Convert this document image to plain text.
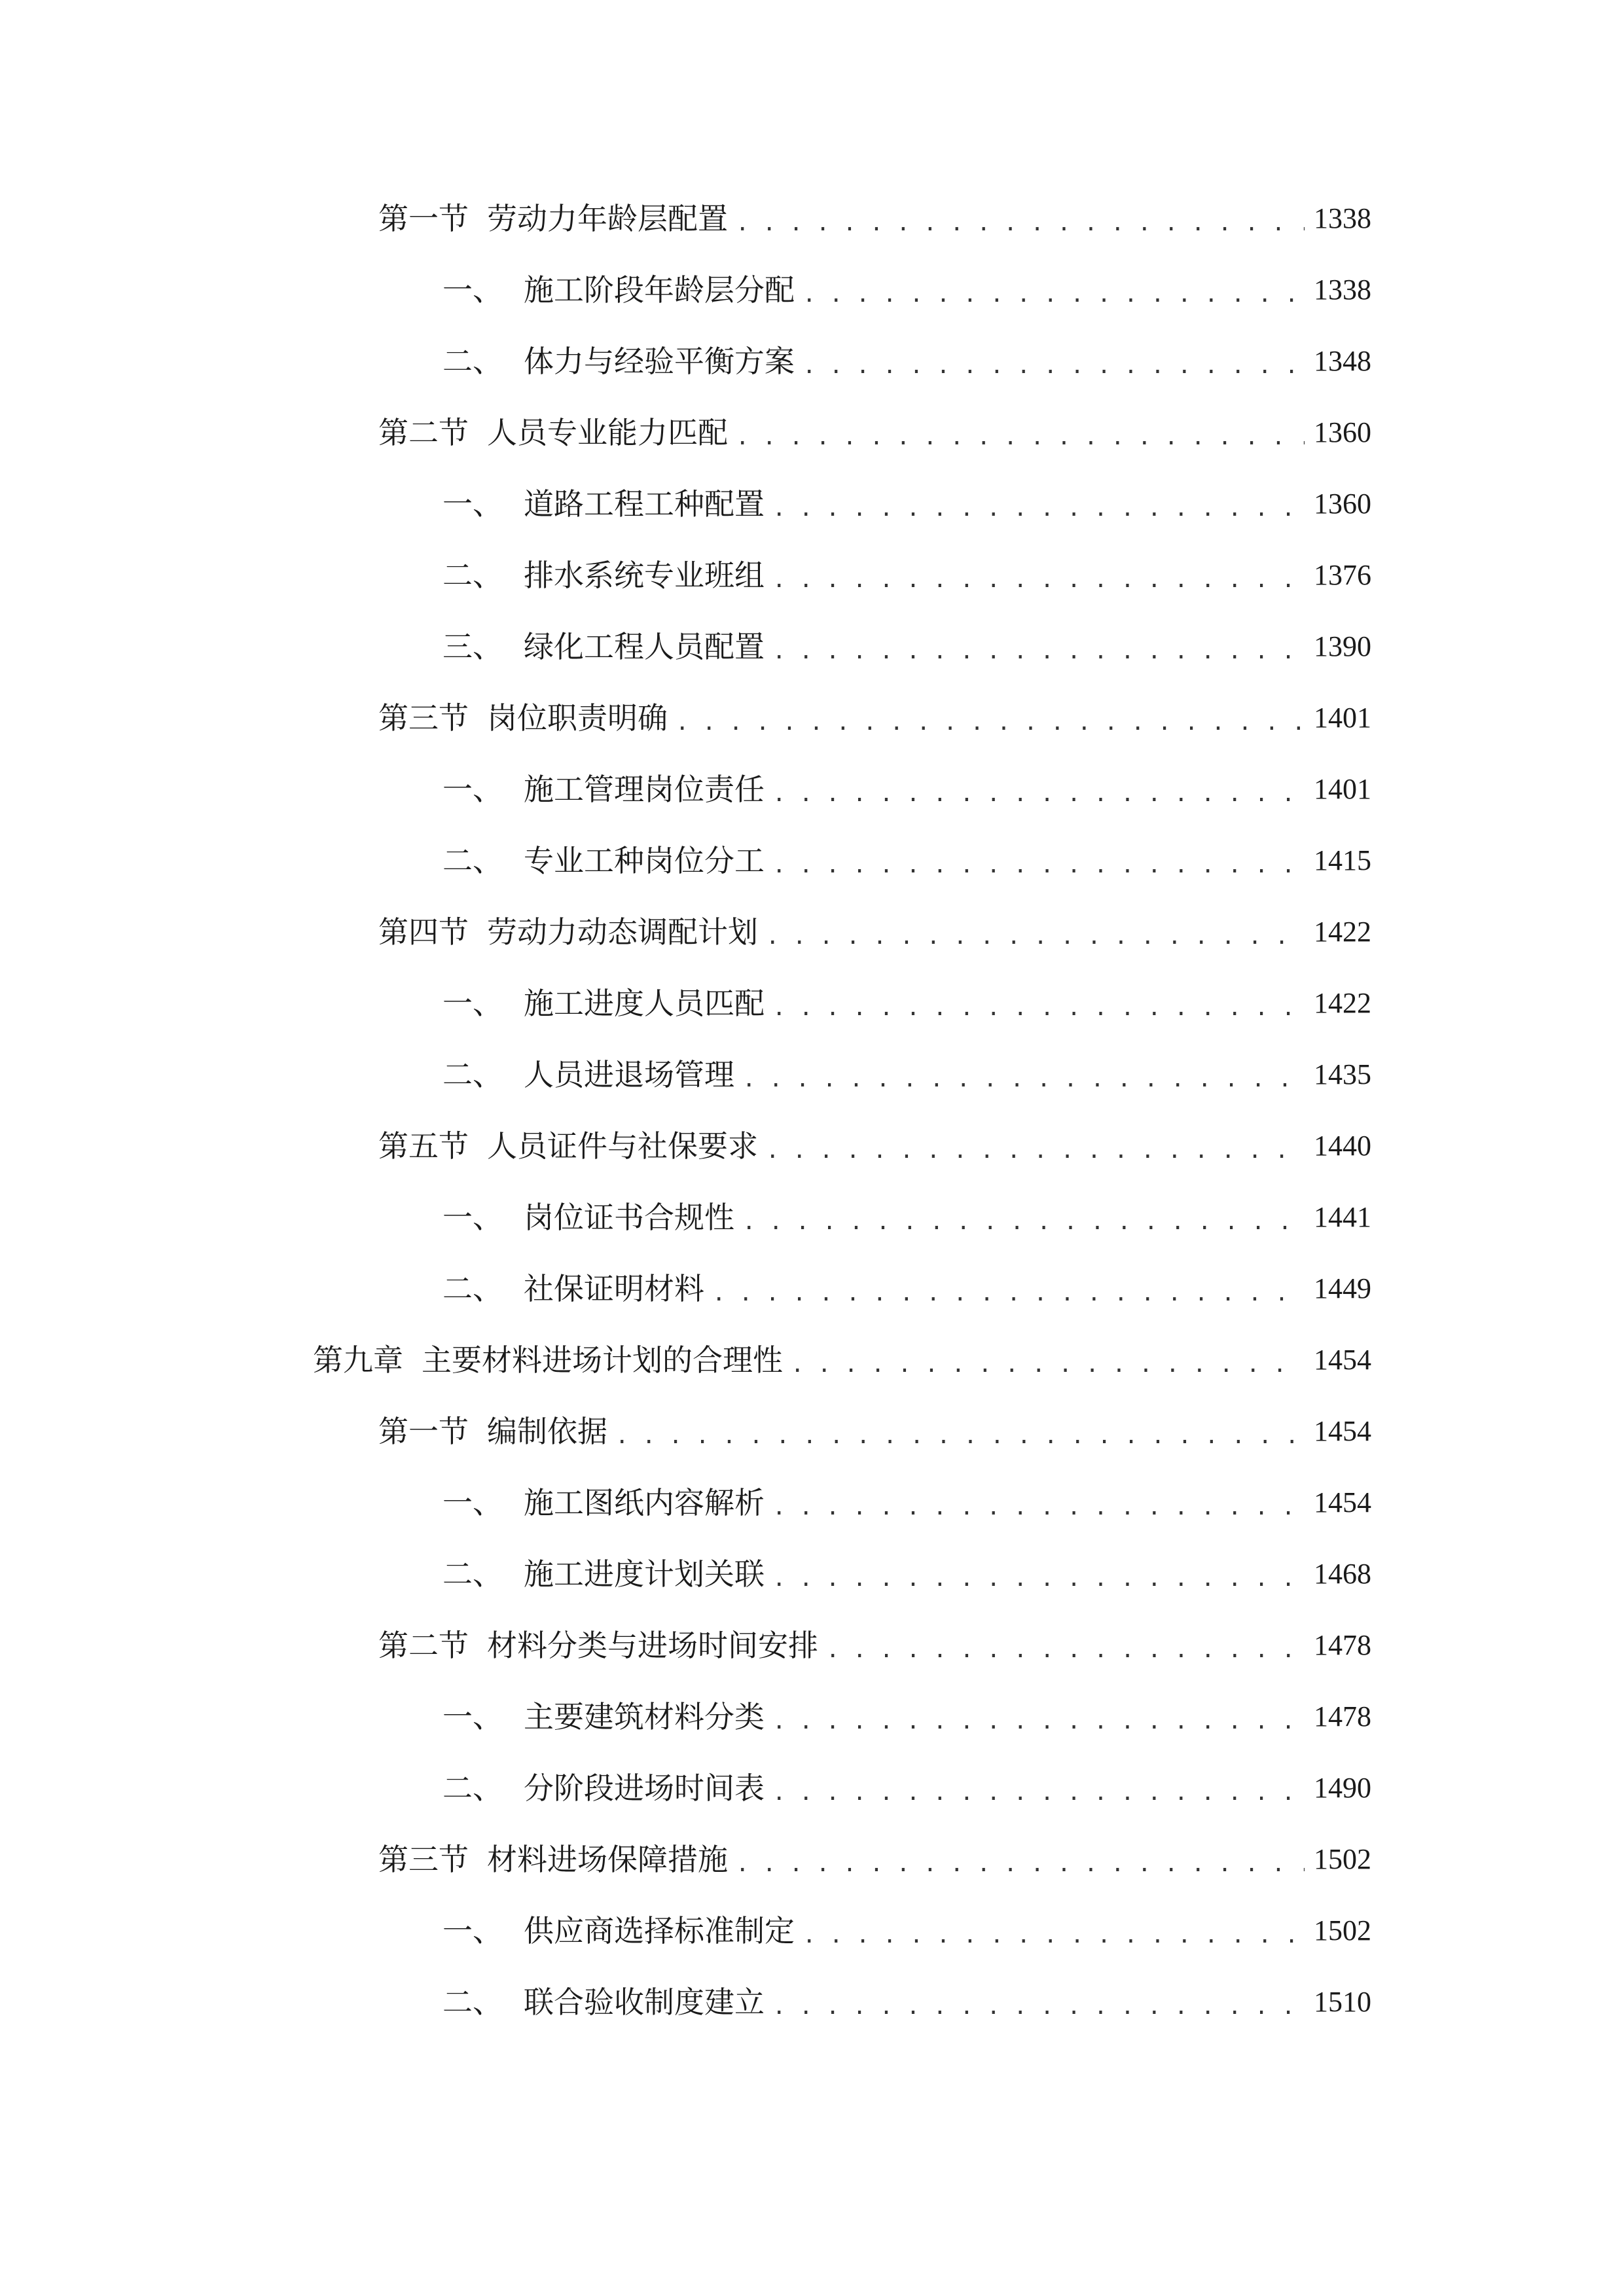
第一节 劳动力年龄层配置 . . .	1338
一、 施工阶段年龄层分配 . . .	1338
二、 体力与经验平衡方案 . . .	1348
第二节 人员专业能力匹配 . . .	1360
一、 道路工程工种配置 . . .	1360
二、 排水系统专业班组 . . .	1376
三、 绿化工程人员配置 . . .	1390
第三节 岗位职责明确 . . .	1401
一、 施工管理岗位责任 . . .	1401
二、 专业工种岗位分工 . . .	1415
第四节 劳动力动态调配计划 . . .	1422
一、 施工进度人员匹配 . . .	1422
二、 人员进退场管理 . . .	1435
第五节 人员证件与社保要求 . . .	1440
一、 岗位证书合规性 . . .	1441
二、 社保证明材料 . . .	1449
第九章 主要材料进场计划的合理性 . . .	1454
第一节 编制依据 . . .	1454
一、 施工图纸内容解析 . . .	1454
二、 施工进度计划关联 . . .	1468
第二节 材料分类与进场时间安排 . . .	1478
一、 主要建筑材料分类 . . .	1478
二、 分阶段进场时间表 . . .	1490
第三节 材料进场保障措施 . . .	1502
一、 供应商选择标准制定 . . .	1502
二、 联合验收制度建立 . . .	1510
